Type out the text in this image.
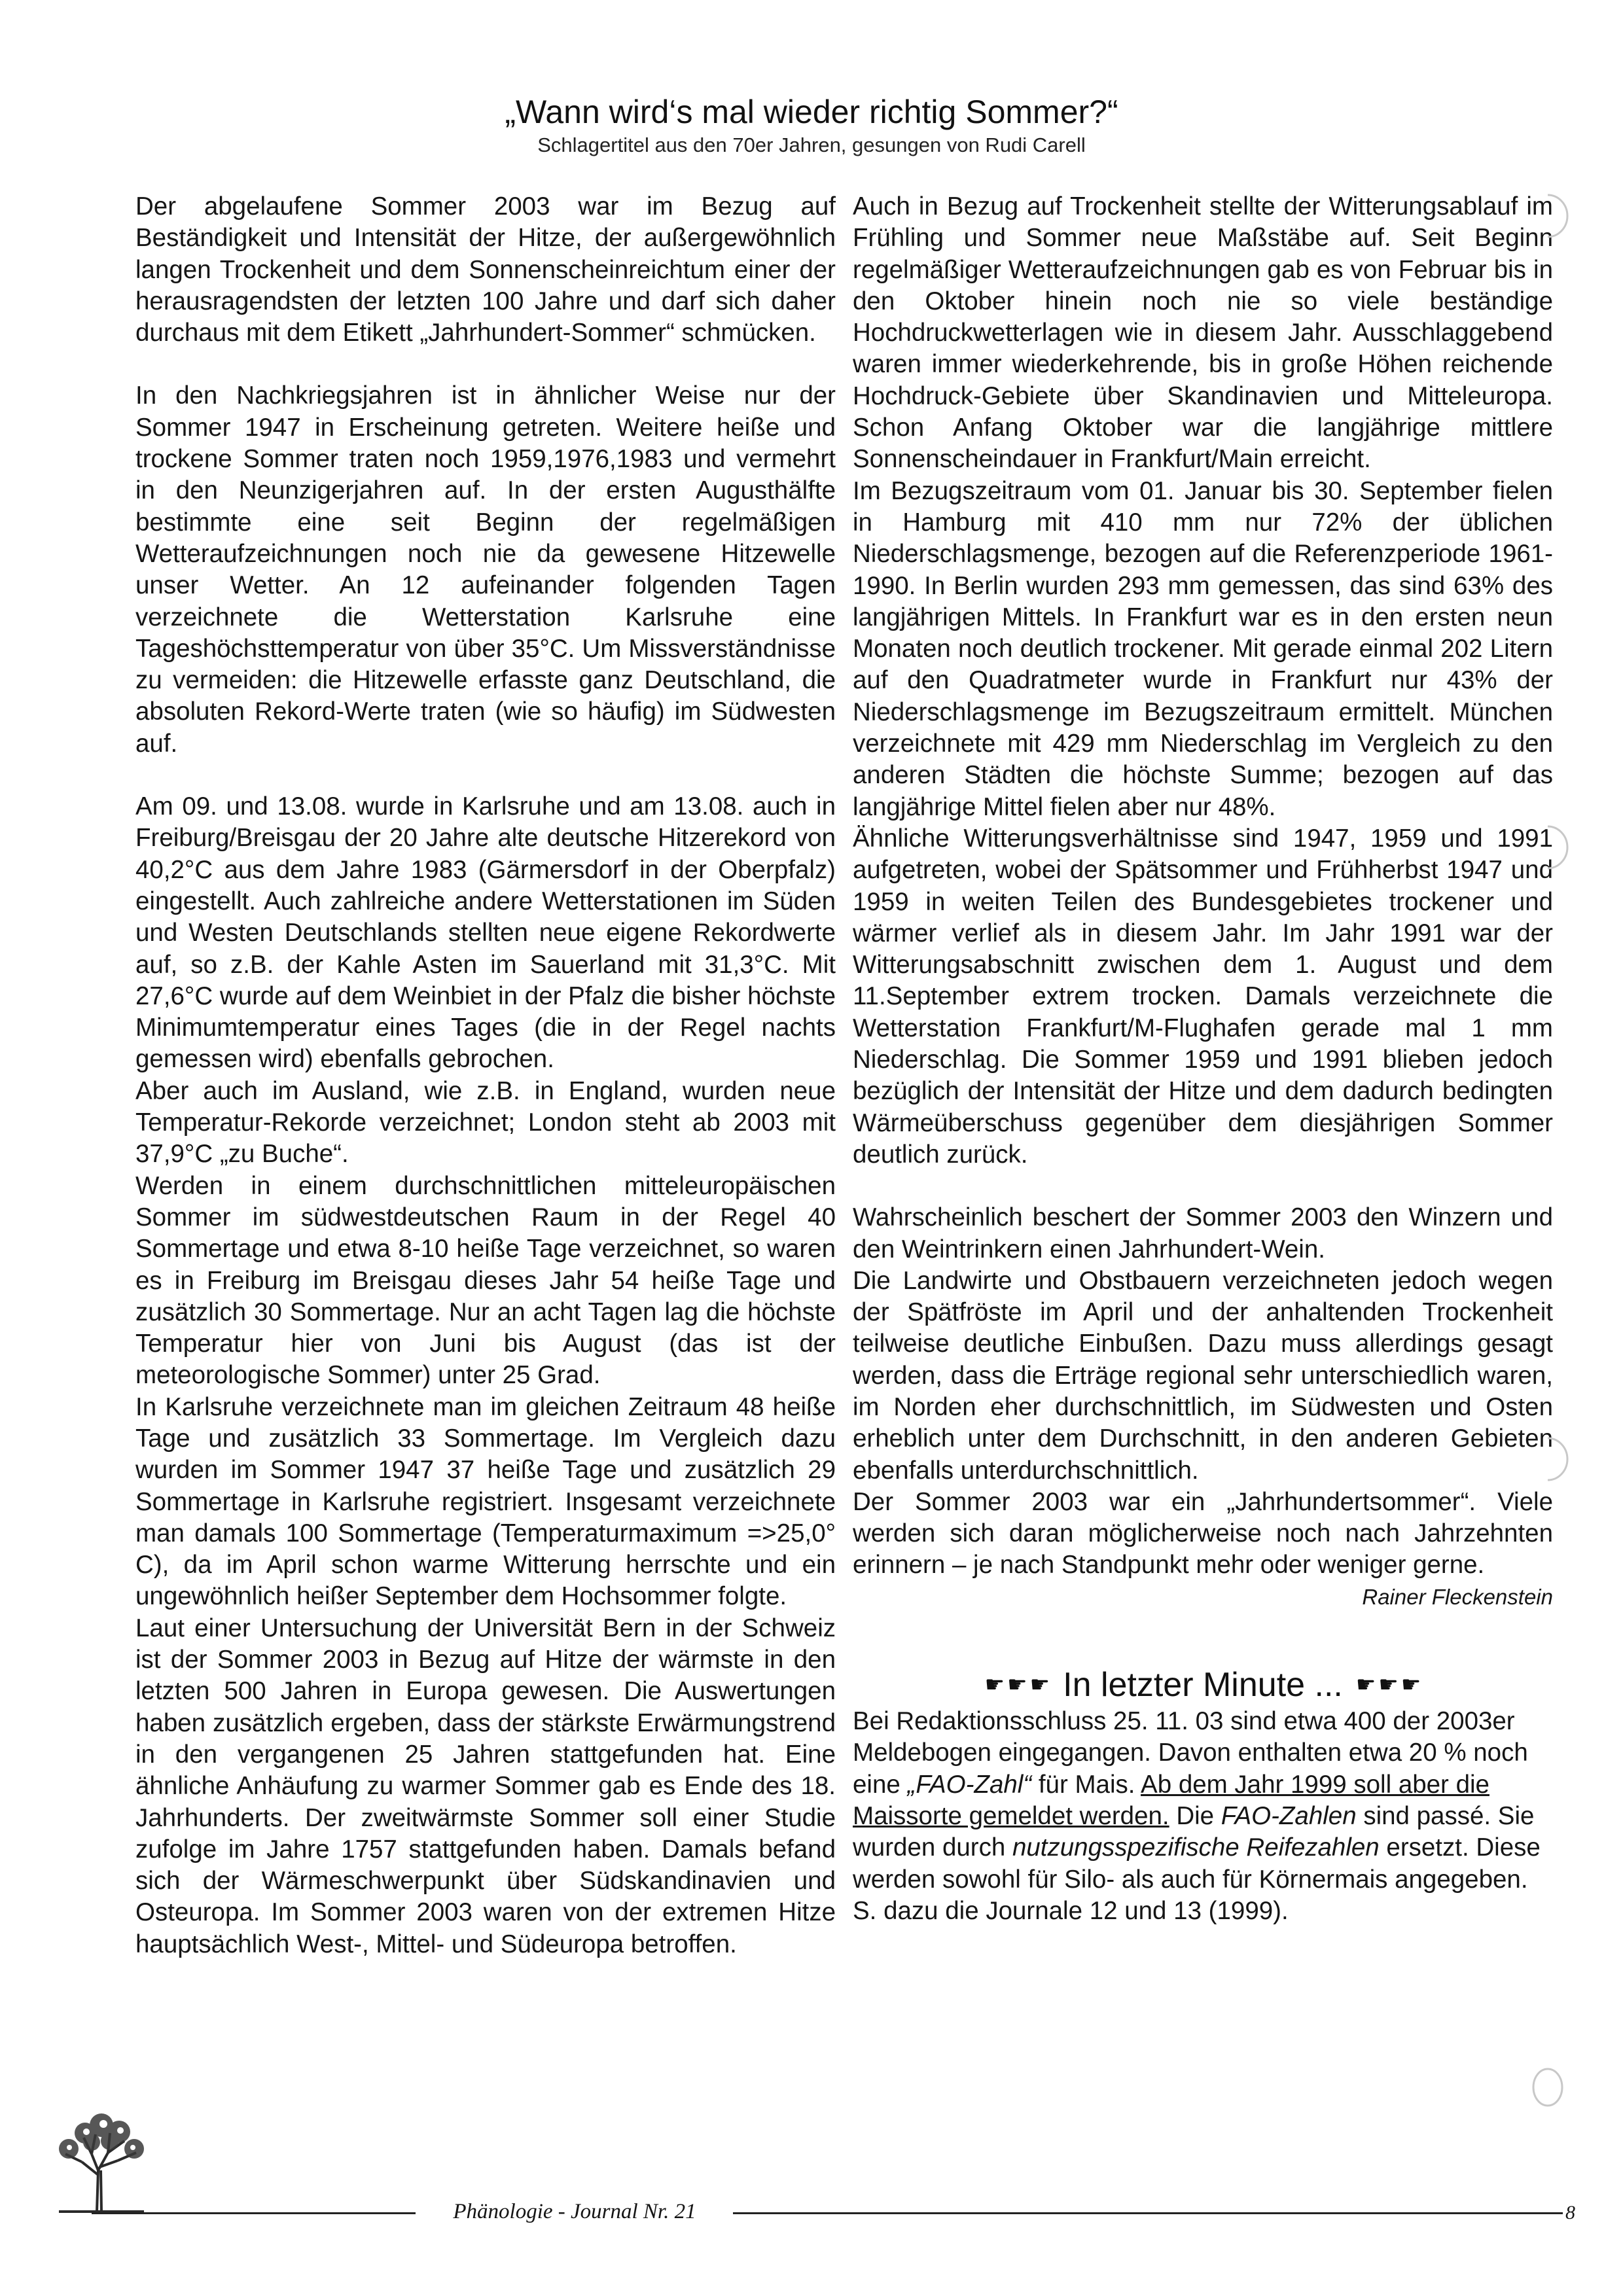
„Wann wird‘s mal wieder richtig Sommer?“
Schlagertitel aus den 70er Jahren, gesungen von Rudi Carell

Der abgelaufene Sommer 2003 war im Bezug auf Beständigkeit und Intensität der Hitze, der außergewöhnlich langen Trockenheit und dem Sonnenscheinreichtum einer der herausragendsten der letzten 100 Jahre und darf sich daher durchaus mit dem Etikett „Jahrhundert-Sommer“ schmücken.

In den Nachkriegsjahren ist in ähnlicher Weise nur der Sommer 1947 in Erscheinung getreten. Weitere heiße und trockene Sommer traten noch 1959,1976,1983 und vermehrt in den Neunzigerjahren auf. In der ersten Augusthälfte bestimmte eine seit Beginn der regelmäßigen Wetteraufzeichnungen noch nie da gewesene Hitzewelle unser Wetter. An 12 aufeinander folgenden Tagen verzeichnete die Wetterstation Karlsruhe eine Tageshöchsttemperatur von über 35°C. Um Missverständnisse zu vermeiden: die Hitzewelle erfasste ganz Deutschland, die absoluten Rekord-Werte traten (wie so häufig) im Südwesten auf.

Am 09. und 13.08. wurde in Karlsruhe und am 13.08. auch in Freiburg/Breisgau der 20 Jahre alte deutsche Hitzerekord von 40,2°C aus dem Jahre 1983 (Gärmersdorf in der Oberpfalz) eingestellt. Auch zahlreiche andere Wetterstationen im Süden und Westen Deutschlands stellten neue eigene Rekordwerte auf, so z.B. der Kahle Asten im Sauerland mit 31,3°C. Mit 27,6°C wurde auf dem Weinbiet in der Pfalz die bisher höchste Minimumtemperatur eines Tages (die in der Regel nachts gemessen wird) ebenfalls gebrochen.

Aber auch im Ausland, wie z.B. in England, wurden neue Temperatur-Rekorde verzeichnet; London steht ab 2003 mit 37,9°C „zu Buche“.

Werden in einem durchschnittlichen mitteleuropäischen Sommer im südwestdeutschen Raum in der Regel 40 Sommertage und etwa 8-10 heiße Tage verzeichnet, so waren es in Freiburg im Breisgau dieses Jahr 54 heiße Tage und zusätzlich 30 Sommertage. Nur an acht Tagen lag die höchste Temperatur hier von Juni bis August (das ist der meteorologische Sommer) unter 25 Grad.

In Karlsruhe verzeichnete man im gleichen Zeitraum 48 heiße Tage und zusätzlich 33 Sommertage. Im Vergleich dazu wurden im Sommer 1947 37 heiße Tage und zusätzlich 29 Sommertage in Karlsruhe registriert. Insgesamt verzeichnete man damals 100 Sommertage (Temperaturmaximum =>25,0° C), da im April schon warme Witterung herrschte und ein ungewöhnlich heißer September dem Hochsommer folgte.

Laut einer Untersuchung der Universität Bern in der Schweiz ist der Sommer 2003 in Bezug auf Hitze der wärmste in den letzten 500 Jahren in Europa gewesen. Die Auswertungen haben zusätzlich ergeben, dass der stärkste Erwärmungstrend in den vergangenen 25 Jahren stattgefunden hat. Eine ähnliche Anhäufung zu warmer Sommer gab es Ende des 18. Jahrhunderts. Der zweitwärmste Sommer soll einer Studie zufolge im Jahre 1757 stattgefunden haben. Damals befand sich der Wärmeschwerpunkt über Südskandinavien und Osteuropa. Im Sommer 2003 waren von der extremen Hitze hauptsächlich West-, Mittel- und Südeuropa betroffen.

Auch in Bezug auf Trockenheit stellte der Witterungsablauf im Frühling und Sommer neue Maßstäbe auf. Seit Beginn regelmäßiger Wetteraufzeichnungen gab es von Februar bis in den Oktober hinein noch nie so viele beständige Hochdruckwetterlagen wie in diesem Jahr. Ausschlaggebend waren immer wiederkehrende, bis in große Höhen reichende Hochdruck-Gebiete über Skandinavien und Mitteleuropa. Schon Anfang Oktober war die langjährige mittlere Sonnenscheindauer in Frankfurt/Main erreicht.

Im Bezugszeitraum vom 01. Januar bis 30. September fielen in Hamburg mit 410 mm nur 72% der üblichen Niederschlagsmenge, bezogen auf die Referenzperiode 1961-1990. In Berlin wurden 293 mm gemessen, das sind 63% des langjährigen Mittels. In Frankfurt war es in den ersten neun Monaten noch deutlich trockener. Mit gerade einmal 202 Litern auf den Quadratmeter wurde in Frankfurt nur 43% der Niederschlagsmenge im Bezugszeitraum ermittelt. München verzeichnete mit 429 mm Niederschlag im Vergleich zu den anderen Städten die höchste Summe; bezogen auf das langjährige Mittel fielen aber nur 48%.

Ähnliche Witterungsverhältnisse sind 1947, 1959 und 1991 aufgetreten, wobei der Spätsommer und Frühherbst 1947 und 1959 in weiten Teilen des Bundesgebietes trockener und wärmer verlief als in diesem Jahr. Im Jahr 1991 war der Witterungsabschnitt zwischen dem 1. August und dem 11.September extrem trocken. Damals verzeichnete die Wetterstation Frankfurt/M-Flughafen gerade mal 1 mm Niederschlag. Die Sommer 1959 und 1991 blieben jedoch bezüglich der Intensität der Hitze und dem dadurch bedingten Wärmeüberschuss gegenüber dem diesjährigen Sommer deutlich zurück.

Wahrscheinlich beschert der Sommer 2003 den Winzern und den Weintrinkern einen Jahrhundert-Wein.

Die Landwirte und Obstbauern verzeichneten jedoch wegen der Spätfröste im April und der anhaltenden Trockenheit teilweise deutliche Einbußen. Dazu muss allerdings gesagt werden, dass die Erträge regional sehr unterschiedlich waren, im Norden eher durchschnittlich, im Südwesten und Osten erheblich unter dem Durchschnitt, in den anderen Gebieten ebenfalls unterdurchschnittlich.

Der Sommer 2003 war ein „Jahrhundertsommer“. Viele werden sich daran möglicherweise noch nach Jahrzehnten erinnern – je nach Standpunkt mehr oder weniger gerne.

Rainer Fleckenstein
☛ ☛ ☛ In letzter Minute ... ☛ ☛ ☛

Bei Redaktionsschluss 25. 11. 03 sind etwa 400 der 2003er Meldebogen eingegangen. Davon enthalten etwa 20 % noch eine „FAO-Zahl“ für Mais. Ab dem Jahr 1999 soll aber die Maissorte gemeldet werden. Die FAO-Zahlen sind passé. Sie wurden durch nutzungsspezifische Reifezahlen ersetzt. Diese werden sowohl für Silo- als auch für Körnermais angegeben. S. dazu die Journale 12 und 13 (1999).

Phänologie - Journal Nr. 21	8
